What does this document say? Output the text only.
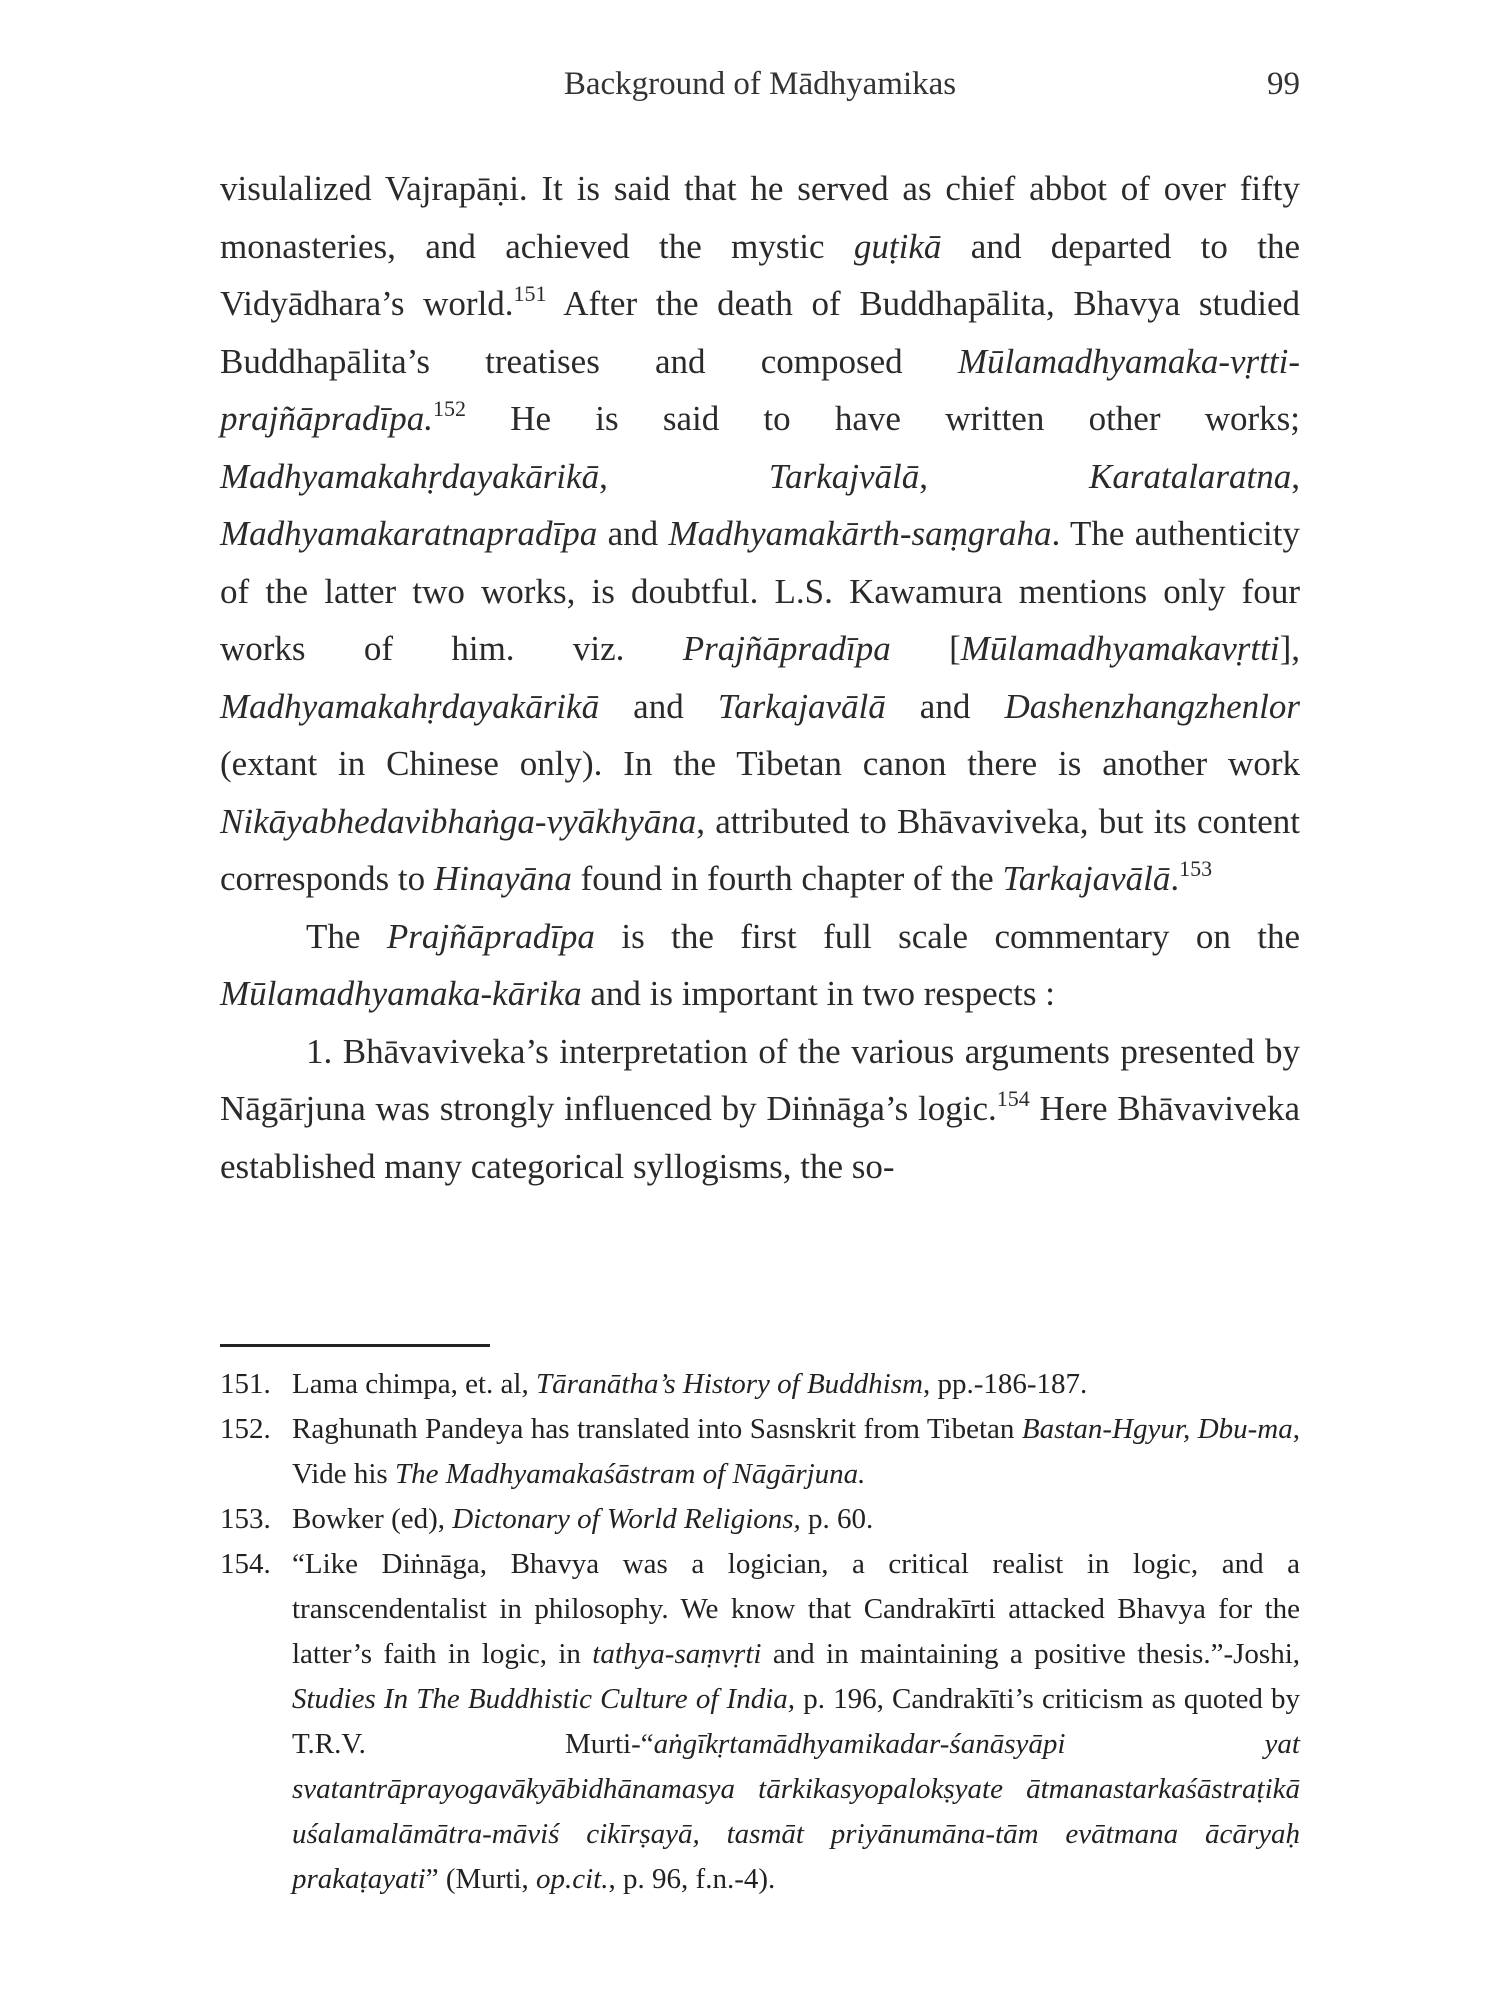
Background of Mādhyamikas	99

visulalized Vajrapāṇi. It is said that he served as chief abbot of over fifty monasteries, and achieved the mystic guṭikā and departed to the Vidyādhara’s world.$^{151}$ After the death of Buddhapālita, Bhavya studied Buddhapālita’s treatises and composed Mūlamadhyamaka-vṛtti-prajñāpradīpa.$^{152}$ He is said to have written other works; Madhyamakahṛdayakārikā, Tarkajvālā, Karatalaratna, Madhyamakaratnapradīpa and Madhyamakārth-saṃgraha. The authenticity of the latter two works, is doubtful. L.S. Kawamura mentions only four works of him. viz. Prajñāpradīpa [Mūlamadhyamakavṛtti], Madhyamakahṛdayakārikā and Tarkajavālā and Dashenzhangzhenlor (extant in Chinese only). In the Tibetan canon there is another work Nikāyabhedavibhaṅga-vyākhyāna, attributed to Bhāvaviveka, but its content corresponds to Hinayāna found in fourth chapter of the Tarkajavālā.$^{153}$

The Prajñāpradīpa is the first full scale commentary on the Mūlamadhyamaka-kārika and is important in two respects :

1. Bhāvaviveka’s interpretation of the various arguments presented by Nāgārjuna was strongly influenced by Diṅnāga’s logic.$^{154}$ Here Bhāvaviveka established many categorical syllogisms, the so-

151. Lama chimpa, et. al, Tāranātha’s History of Buddhism, pp.-186-187.
152. Raghunath Pandeya has translated into Sasnskrit from Tibetan Bastan-Hgyur, Dbu-ma, Vide his The Madhyamakaśāstram of Nāgārjuna.
153. Bowker (ed), Dictonary of World Religions, p. 60.
154. “Like Diṅnāga, Bhavya was a logician, a critical realist in logic, and a transcendentalist in philosophy. We know that Candrakīrti attacked Bhavya for the latter’s faith in logic, in tathya-saṃvṛti and in maintaining a positive thesis.”-Joshi, Studies In The Buddhistic Culture of India, p. 196, Candrakīti’s criticism as quoted by T.R.V. Murti-“aṅgīkṛtamādhyamikadar-śanāsyāpi yat svatantrāprayogavākyābidhānamasya tārkikasyopalokṣyate ātmanastarkaśāstraṭikā uśalamalāmātra-māviś cikīrṣayā, tasmāt priyānumāna-tām evātmana ācāryaḥ prakaṭayati” (Murti, op.cit., p. 96, f.n.-4).
